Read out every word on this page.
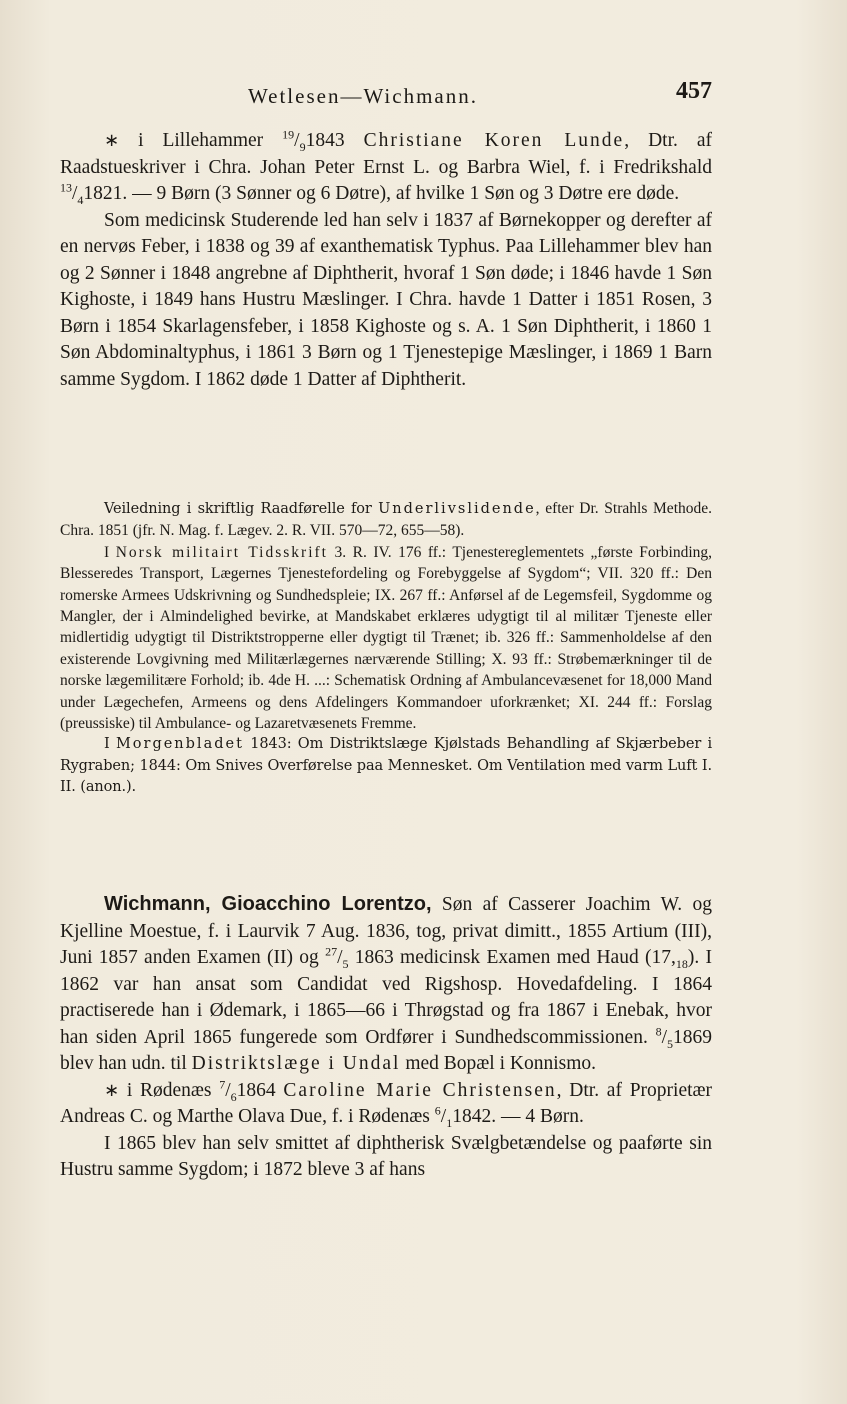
Wetlesen—Wichmann.	457

∗ i Lillehammer $^{19}/_91843$ Christiane Koren Lunde, Dtr. af Raadstueskriver i Chra. Johan Peter Ernst L. og Barbra Wiel, f. i Fredrikshald $^{13}/_41821$. — 9 Børn (3 Sønner og 6 Døtre), af hvilke 1 Søn og 3 Døtre ere døde.

Som medicinsk Studerende led han selv i 1837 af Børnekopper og derefter af en nervøs Feber, i 1838 og 39 af exanthematisk Typhus. Paa Lillehammer blev han og 2 Sønner i 1848 angrebne af Diphtherit, hvoraf 1 Søn døde; i 1846 havde 1 Søn Kighoste, i 1849 hans Hustru Mæslinger. I Chra. havde 1 Datter i 1851 Rosen, 3 Børn i 1854 Skarlagensfeber, i 1858 Kighoste og s. A. 1 Søn Diphtherit, i 1860 1 Søn Abdominaltyphus, i 1861 3 Børn og 1 Tjenestepige Mæslinger, i 1869 1 Barn samme Sygdom. I 1862 døde 1 Datter af Diphtherit.

Veiledning i skriftlig Raadførelle for Underlivslidende, efter Dr. Strahls Methode. Chra. 1851 (jfr. N. Mag. f. Lægev. 2. R. VII. 570—72, 655—58).

I Norsk militairt Tidsskrift 3. R. IV. 176 ff.: Tjenestereglementets „første Forbinding, Blesseredes Transport, Lægernes Tjenestefordeling og Forebyggelse af Sygdom“; VII. 320 ff.: Den romerske Armees Udskrivning og Sundhedspleie; IX. 267 ff.: Anførsel af de Legemsfeil, Sygdomme og Mangler, der i Almindelighed bevirke, at Mandskabet erklæres udygtigt til al militær Tjeneste eller midlertidig udygtigt til Distriktstropperne eller dygtigt til Trænet; ib. 326 ff.: Sammenholdelse af den existerende Lovgivning med Militærlægernes nærværende Stilling; X. 93 ff.: Strøbemærkninger til de norske lægemilitære Forhold; ib. 4de H. ...: Schematisk Ordning af Ambulancevæsenet for 18,000 Mand under Lægechefen, Armeens og dens Afdelingers Kommandoer uforkrænket; XI. 244 ff.: Forslag (preussiske) til Ambulance- og Lazaretvæsenets Fremme.

I Morgenbladet 1843: Om Distriktslæge Kjølstads Behandling af Skjærbeber i Rygraben; 1844: Om Snives Overførelse paa Mennesket. Om Ventilation med varm Luft I. II. (anon.).

Wichmann, Gioacchino Lorentzo, Søn af Casserer Joachim W. og Kjelline Moestue, f. i Laurvik 7 Aug. 1836, tog, privat dimitt., 1855 Artium (III), Juni 1857 anden Examen (II) og $^{27}/_5$ 1863 medicinsk Examen med Haud $(17,_{18})$. I 1862 var han ansat som Candidat ved Rigshosp. Hovedafdeling. I 1864 practiserede han i Ødemark, i 1865—66 i Thrøgstad og fra 1867 i Enebak, hvor han siden April 1865 fungerede som Ordfører i Sundhedscommissionen. $^8/_51869$ blev han udn. til Distriktslæge i Undal med Bopæl i Konnismo.

∗ i Rødenæs $^7/_61864$ Caroline Marie Christensen, Dtr. af Proprietær Andreas C. og Marthe Olava Due, f. i Rødenæs $^6/_11842$. — 4 Børn.

I 1865 blev han selv smittet af diphtherisk Svælgbetændelse og paaførte sin Hustru samme Sygdom; i 1872 bleve 3 af hans
